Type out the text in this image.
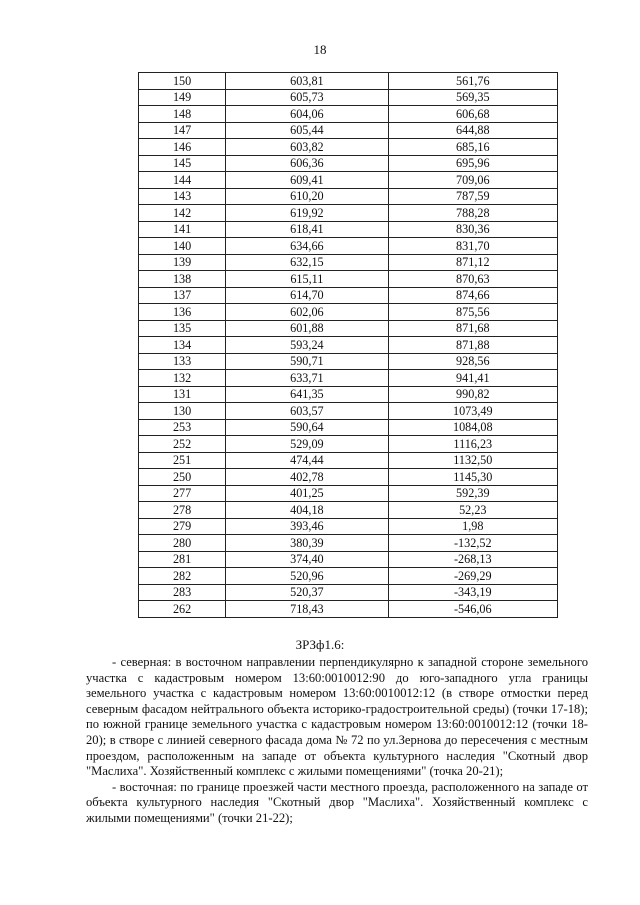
18
150	603,81	561,76
149	605,73	569,35
148	604,06	606,68
147	605,44	644,88
146	603,82	685,16
145	606,36	695,96
144	609,41	709,06
143	610,20	787,59
142	619,92	788,28
141	618,41	830,36
140	634,66	831,70
139	632,15	871,12
138	615,11	870,63
137	614,70	874,66
136	602,06	875,56
135	601,88	871,68
134	593,24	871,88
133	590,71	928,56
132	633,71	941,41
131	641,35	990,82
130	603,57	1073,49
253	590,64	1084,08
252	529,09	1116,23
251	474,44	1132,50
250	402,78	1145,30
277	401,25	592,39
278	404,18	52,23
279	393,46	1,98
280	380,39	-132,52
281	374,40	-268,13
282	520,96	-269,29
283	520,37	-343,19
262	718,43	-546,06
ЗРЗф1.6:

- северная: в восточном направлении перпендикулярно к западной стороне земельного участка с кадастровым номером 13:60:0010012:90 до юго-западного угла границы земельного участка с кадастровым номером 13:60:0010012:12 (в створе отмостки перед северным фасадом нейтрального объекта историко-градостроительной среды) (точки 17-18); по южной границе земельного участка с кадастровым номером 13:60:0010012:12 (точки 18-20); в створе с линией северного фасада дома № 72 по ул.Зернова до пересечения с местным проездом, расположенным на западе от объекта культурного наследия "Скотный двор "Маслиха". Хозяйственный комплекс с жилыми помещениями" (точка 20-21);

- восточная: по границе проезжей части местного проезда, расположенного на западе от объекта культурного наследия "Скотный двор "Маслиха". Хозяйственный комплекс с жилыми помещениями" (точки 21-22);
